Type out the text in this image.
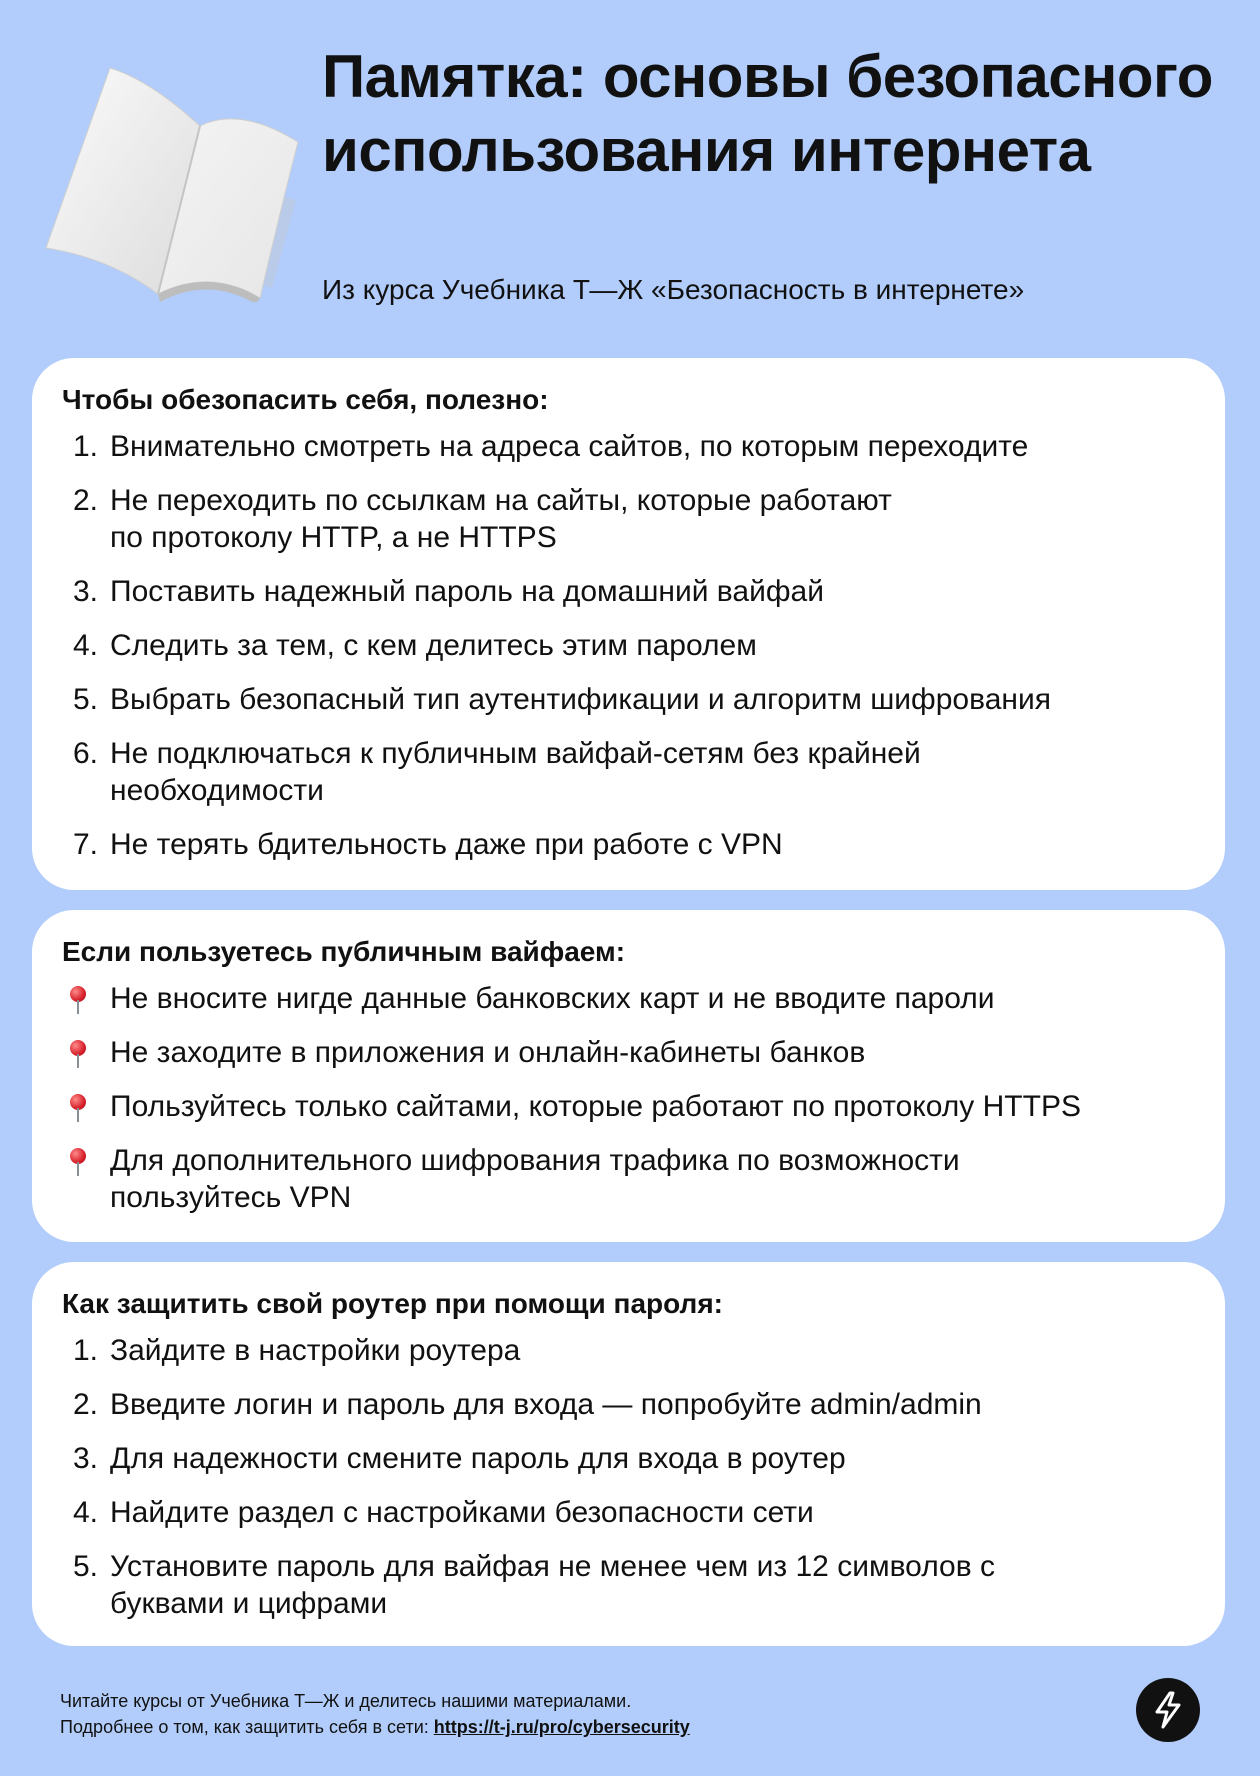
Памятка: основы безопасного использования интернета

Из курса Учебника Т—Ж «Безопасность в интернете»

Чтобы обезопасить себя, полезно:
1. Внимательно смотреть на адреса сайтов, по которым переходите
2. Не переходить по ссылкам на сайты, которые работают по протоколу HTTP, а не HTTPS
3. Поставить надежный пароль на домашний вайфай
4. Следить за тем, с кем делитесь этим паролем
5. Выбрать безопасный тип аутентификации и алгоритм шифрования
6. Не подключаться к публичным вайфай-сетям без крайней необходимости
7. Не терять бдительность даже при работе с VPN
Если пользуетесь публичным вайфаем:
Не вносите нигде данные банковских карт и не вводите пароли
Не заходите в приложения и онлайн-кабинеты банков
Пользуйтесь только сайтами, которые работают по протоколу HTTPS
Для дополнительного шифрования трафика по возможности пользуйтесь VPN
Как защитить свой роутер при помощи пароля:
1. Зайдите в настройки роутера
2. Введите логин и пароль для входа — попробуйте admin/admin
3. Для надежности смените пароль для входа в роутер
4. Найдите раздел с настройками безопасности сети
5. Установите пароль для вайфая не менее чем из 12 символов с буквами и цифрами
Читайте курсы от Учебника Т—Ж и делитесь нашими материалами.
Подробнее о том, как защитить себя в сети: https://t-j.ru/pro/cybersecurity
